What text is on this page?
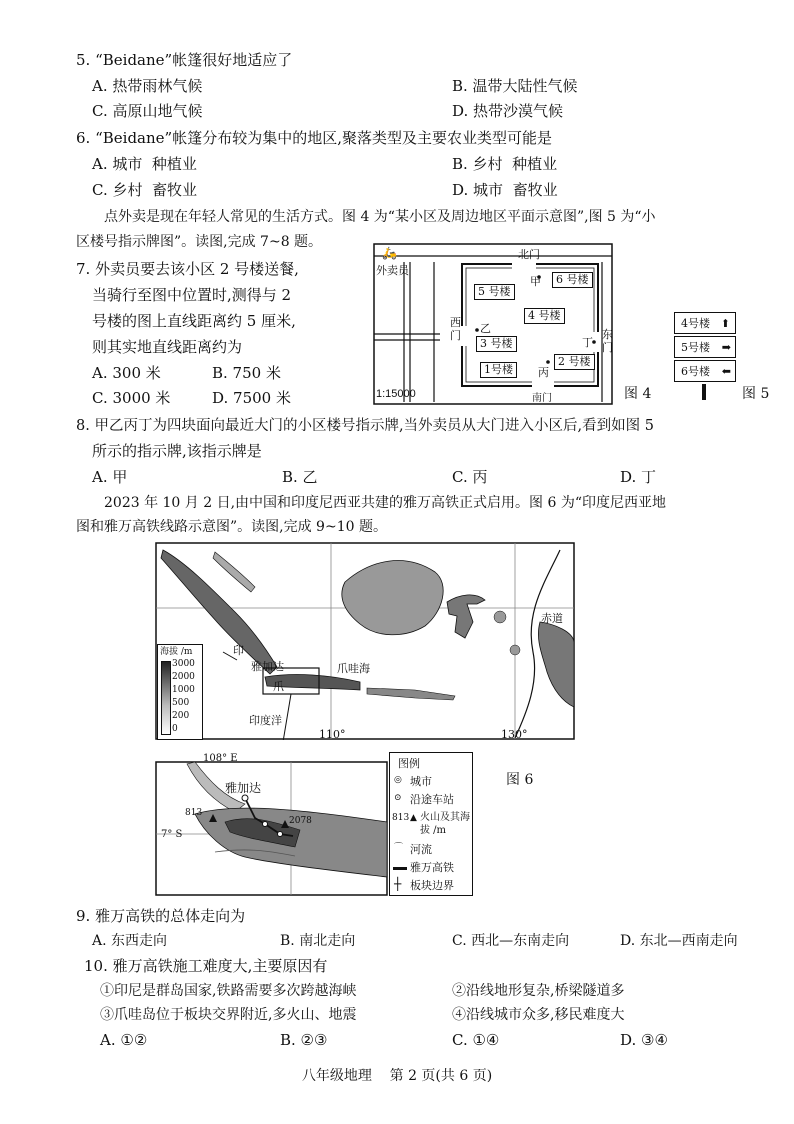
5. “Beidane”帐篷很好地适应了
A. 热带雨林气候	B. 温带大陆性气候
C. 高原山地气候	D. 热带沙漠气候
6. “Beidane”帐篷分布较为集中的地区,聚落类型及主要农业类型可能是
A. 城市  种植业	B. 乡村  种植业
C. 乡村  畜牧业	D. 城市  畜牧业
点外卖是现在年轻人常见的生活方式。图 4 为“某小区及周边地区平面示意图”,图 5 为“小
区楼号指示牌图”。读图,完成 7~8 题。
7. 外卖员要去该小区 2 号楼送餐,
当骑行至图中位置时,测得与 2
号楼的图上直线距离约 5 厘米,
则其实地直线距离约为
A. 300 米	B. 750 米
C. 3000 米	D. 7500 米
🛵
外卖员
北门
南门
西
门	东
门
1:15000
甲
乙
丙
丁
6 号楼
5 号楼
4 号楼
3 号楼
2 号楼
1号楼
图 4
4号楼 ⬆
5号楼 ➡
6号楼 ⬅
图 5
8. 甲乙丙丁为四块面向最近大门的小区楼号指示牌,当外卖员从大门进入小区后,看到如图 5
所示的指示牌,该指示牌是
A. 甲	B. 乙	C. 丙	D. 丁
2023 年 10 月 2 日,由中国和印度尼西亚共建的雅万高铁正式启用。图 6 为“印度尼西亚地
图和雅万高铁线路示意图”。读图,完成 9~10 题。
海拔 /m
3000
2000
1000
500
200
0
赤道
印
雅加达	爪哇海
爪
印度洋
110°	130°
108° E
7° S
雅加达
813
2078
图例
◎ 城市
⊙ 沿途车站
813 ▲ 火山及其海拔 /m
⌒ 河流
雅万高铁
┼ 板块边界
图 6
9. 雅万高铁的总体走向为
A. 东西走向	B. 南北走向	C. 西北—东南走向	D. 东北—西南走向
10. 雅万高铁施工难度大,主要原因有
①印尼是群岛国家,铁路需要多次跨越海峡	②沿线地形复杂,桥梁隧道多
③爪哇岛位于板块交界附近,多火山、地震	④沿线城市众多,移民难度大
A. ①②	B. ②③	C. ①④	D. ③④
八年级地理    第 2 页(共 6 页)
